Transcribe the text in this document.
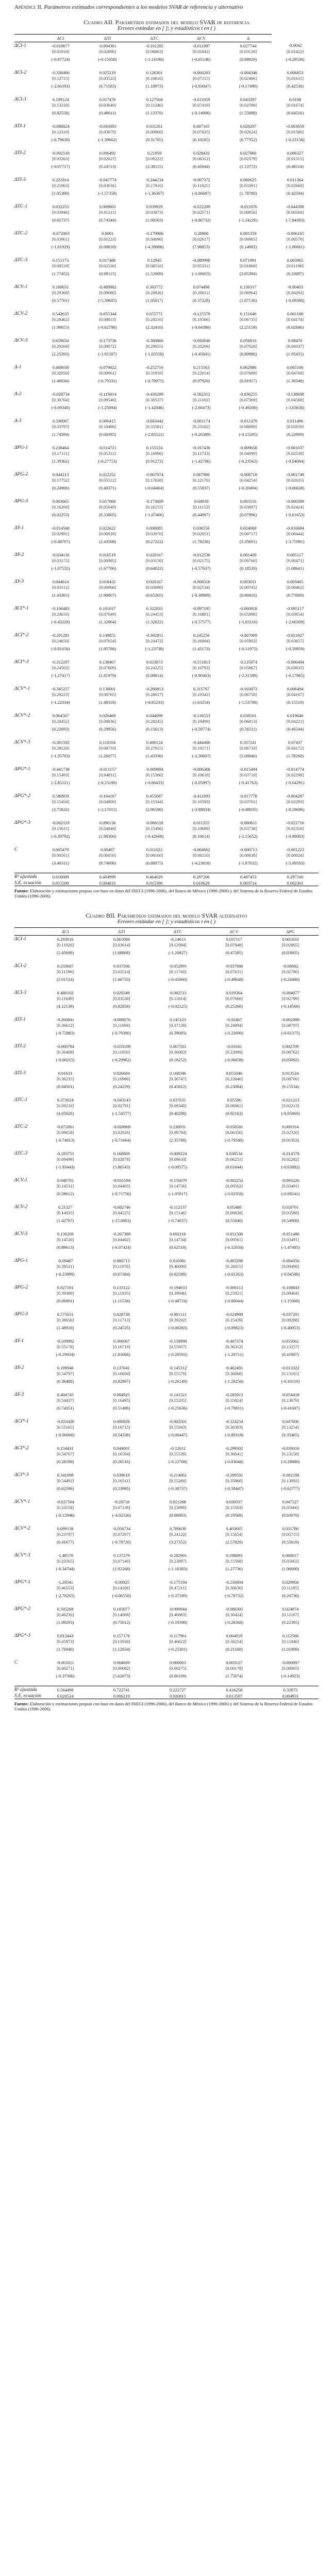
Apéndice II. Parámetros estimados correspondientes a los modelos SVAR de referencia y alternativo
Cuadro AII. Parámetros estimados del modelo SVAR de referencia
Errores estándar en [ ]; y estadísticos t en ( )
	ΔCI	ΔTI	ΔTC	ΔCV	Δ	
ΔCI-1	-0.018677	-0.004361	-0.101205	-0.011997	0.027744	-0.0042
	[0.01910]	[0.02896]	[0.08863]	[0.01842]	[0.03120]	[0.01422]
	(-0.97724)	(-0.15058)	(-1.14190)	(-0.65146)	(0.88929)	(-0.29530)

ΔCI-2	-0.338466	0.025219	0.126301	-0.066203	-0.004348	0.006853
	[0.12715]	[0.03523]	[0.10616]	[0.07115]	[0.02486]	[0.01611]
	(-2.66193)	(0.71583)	(1.18973)	(-0.93047)	(-0.17490)	(0.42538)

ΔCI-3	0.109124	0.017476	0.127504	-0.011059	0.043397	0.0108
	[0.13218]	[0.03640]	[0.11246]	[0.07419]	[0.02798]	[0.01674]
	(0.82558)	(0.48011)	(1.13376)	(-0.14906)	(1.55098)	(0.64516)

ΔTI-1	-0.098024	-0.043003	0.031261	0.007165	0.020297	-0.003659
	[0.12310]	[0.03079]	[0.09860]	[0.07035]	[0.02624]	[0.01580]
	(-0.79630)	(-1.39662)	(0.31705)	(0.10185)	(0.77352)	(-0.23158)

ΔTI-2	-0.002518	0.006492	0.21959	0.028432	0.027066	0.006327
	[0.03263]	[0.02627]	[0.09222]	[0.06312]	[0.02379]	[0.01315]
	(-0.07717)	(0.24713)	(2.38115)	(0.45044)	(1.13772)	(0.48114)

ΔTI-3	0.221814	-0.047774	-0.244234	-0.007372	0.060625	0.011364
	[0.21063]	[0.03036]	[0.17910]	[0.11025]	[0.03391]	[0.02668]
	(1.05309)	(-1.57358)	(-1.36367)	(-0.06687)	(1.78780)	(0.42594)

ΔTC-1	0.032253	0.009003	0.039929	-0.022299	-0.011876	-0.044398
	[0.03946]	[0.01211]	[0.03973]	[0.02571]	[0.00956]	[0.00566]
	(0.81737)	(0.74344)	(1.00503)	(-0.86732)	(-1.24226)	(-7.84393)

ΔTC-2	-0.072063	0.0001	-0.179906	0.20906	0.001359	-0.006165
	[0.03961]	[0.01223]	[0.04090]	[0.02617]	[0.00965]	[0.00578]
	(-1.81929)	(0.00818)	(-4.39868)	(7.98853)	(0.14083)	(-1.06661)

ΔTC-3	0.151173	0.017486	0.12945	-0.089998	0.071991	0.003965
	[0.08519]	[0.02530]	[0.08516]	[0.05311]	[0.01868]	[0.01198]
	(1.77452)	(0.69115)	(1.52009)	(-1.69455)	(3.85394)	(0.33097)

ΔCV-1	0.169631	-0.489962	0.303772	0.074498	0.130317	-0.00403
	[0.29368]	[0.09080]	[0.28926]	[0.20011]	[0.06964]	[0.04292]
	(0.57761)	(-5.39605)	(1.05017)	(0.37228)	(1.87130)	(-0.09390)

ΔCV-2	0.542635	-0.055344	0.655771	-0.125579	0.151646	0.001188
	[0.28462]	[0.08813]	[0.28216]	[0.19506]	[0.06735]	[0.04174]
	(1.90655)	(-0.62798)	(2.32410)	(-0.64380)	(2.25159)	(0.02846)

ΔCV-3	0.659634	-0.173736	-0.300866	-0.092640	0.056916	0.08476
	[0.29266]	[0.09072]	[0.29055]	[0.20209]	[0.07028]	[0.04337]
	(2.25393)	(-1.91507)	(-1.03550)	(-0.45841)	(0.80986)	(1.95435)

Δ-1	0.468038	-0.079022	-0.252716	0.215563	0.062986	0.065106
	[0.32050]	[0.09961]	[0.31959]	[0.22014]	[0.07689]	[0.04768]
	(1.46034)	(-0.79331)	(-0.79075)	(0.97920)	(0.81917)	(1.36548)

Δ-2	-0.028734	-0.119414	-0.436209	-0.562312	-0.036255	-0.138698
	[0.30764]	[0.09546]	[0.30537]	[0.21102]	[0.07369]	[0.04568]
	(-0.09340)	(-1.25094)	(-1.42846)	(-2.66473)	(-0.49200)	(-3.03630)

Δ-3	0.590067	0.000415	-0.683442	-0.061174	-0.012379	0.011496
	[0.33797]	[0.10496]	[0.33581]	[0.23182]	[0.08099]	[0.05018]
	(1.74594)	(0.00395)	(-2.03521)	(-0.26389)	(-0.15285)	(0.22909)

ΔPG-1	0.238464	-0.014721	0.155124	-0.167436	-0.009658	-0.001037
	[0.17111]	[0.05312]	[0.16996]	[0.11733]	[0.04099]	[0.02539]
	(1.39362)	(-0.27713)	(0.91272)	(-1.42706)	(-0.23562)	(-0.04084)

ΔPG-2	0.044213	0.022252	-0.007874	0.067986	-0.008718	-0.001749
	[0.17752]	[0.05512]	[0.17638]	[0.12176]	[0.04254]	[0.02635]
	(0.24906)	(0.40371)	(-0.04464)	(0.55837)	(-0.20494)	(-0.06638)

ΔPG-3	0.003665	0.017068	-0.173609	0.04918	0.003116	-0.000399
	[0.16266]	[0.05049]	[0.16155]	[0.11153]	[0.03897]	[0.02414]
	(0.02253)	(0.33805)	(-1.07466)	(0.44097)	(0.07996)	(-0.01653)

ΔY-1	-0.014568	0.022622	0.008085	0.036556	0.024069	-0.016694
	[0.02991]	[0.00929]	[0.02970]	[0.02051]	[0.00717]	[0.00444]
	(-0.48707)	(2.43508)	(0.27222)	(1.78236)	(3.35691)	(-3.75991)

ΔY-2	-0.034116	0.016519	0.020167	-0.012536	0.001409	0.005117
	[0.03172]	[0.00985]	[0.03150]	[0.02175]	[0.00760]	[0.00471]
	(-1.07555)	(1.67706)	(0.64022)	(-0.57637)	(0.18539)	(1.08641)

ΔY-3	0.044614	0.018432	0.020167	-0.008316	0.003011	0.003465
	[0.03112]	[0.00966]	[0.03090]	[0.02134]	[0.00745]	[0.00462]
	(1.43361)	(1.90807)	(0.65265)	(-0.38969)	(0.40416)	(0.75000)

ΔCI*-1	-0.106483	0.101017	0.322833	-0.097195	-0.060818	-0.095117
	[0.24633]	[0.07649]	[0.24453]	[0.16881]	[0.05898]	[0.03654]
	(-0.43228)	(1.32064)	(1.32022)	(-0.57577)	(-1.03116)	(-2.60309)

ΔCI*-2	-0.201281	0.149855	-0.302811	0.245256	-0.007069	-0.021927
	[0.24650]	[0.07654]	[0.24472]	[0.16894]	[0.05903]	[0.03657]
	(-0.81656)	(1.95786)	(-1.23738)	(1.45173)	(-0.11975)	(-0.59959)

ΔCI*-3	-0.312207	0.138467	0.023873	-0.151813	-0.135874	-0.006494
	[0.24503]	[0.07609]	[0.24325]	[0.16793]	[0.05867]	[0.03635]
	(-1.27417)	(1.81979)	(0.09814)	(-0.90403)	(-2.31589)	(-0.17865)

ΔCV*-1	-0.345257	0.130001	-0.266813	0.315767	-0.103873	0.006494
	[0.28223]	[0.08765]	[0.28017]	[0.19342]	[0.06758]	[0.04187]
	(-1.22334)	(1.48318)	(-0.95233)	(1.63254)	(-1.53708)	(0.15510)

ΔCV*-2	0.064567	0.026469	0.044099	-0.116553	0.038501	0.019646
	[0.28452]	[0.08836]	[0.28245]	[0.19499]	[0.06813]	[0.04221]
	(0.22693)	(0.29956)	(0.15613)	(-0.59774)	(0.56511)	(0.46544)

ΔCV*-3	-0.381592	0.110104	0.400124	-0.444406	0.337241	0.07437
	[0.28120]	[0.08733]	[0.27915]	[0.19271]	[0.06733]	[0.04172]
	(-1.35703)	(1.26077)	(1.43336)	(-2.30607)	(5.00846)	(1.78260)

ΔPG*-1	-0.441738	-0.011157	-0.009894	-0.006368	-0.015494	-0.014774
	[0.15493]	[0.04811]	[0.15380]	[0.10618]	[0.03710]	[0.02298]
	(-2.85121)	(-0.23190)	(-0.06433)	(-0.05997)	(-0.41763)	(-0.64291)

ΔPG*-2	0.580959	-0.104167	0.455087	-0.411893	-0.017778	-0.004287
	[0.15458]	[0.04800]	[0.15344]	[0.10593]	[0.03701]	[0.02293]
	(3.75832)	(-2.17015)	(2.96590)	(-3.88834)	(-0.48035)	(-0.18696)

ΔPG*-3	-0.062119	0.096136	-0.066118	0.011355	-0.080611	-0.022716
	[0.15611]	[0.04848]	[0.15496]	[0.10698]	[0.03738]	[0.02316]
	(-0.39792)	(1.98300)	(-0.42668)	(0.10614)	(-2.15652)	(-0.98083)

C	0.005479	0.00487	0.011022	-0.004662	-0.000713	-0.001223
	[0.00161]	[0.00050]	[0.00160]	[0.00110]	[0.00038]	[0.00024]
	(3.40311)	(9.74000)	(6.88875)	(-4.23818)	(-1.87632)	(-5.09583)

R² ajustada	0.616689	0.404999	0.464029	0.287206	0.487453	0.297166
S.E. ecuación	0.015509	0.004816	0.015396	0.010629	0.003714	0.002301
Fuente: Elaboración y estimaciones propias con base en datos del INEGI (1996-2006), del Banco de México (1996-2006) y del Sistema de la Reserva Federal de Estados Unidos (1996-2006).
Cuadro BII. Parámetros estimados del modelo SVAR alternativo
Errores estándar en [ ]; y estadísticos t en ( )
	ΔCI	ΔTI	ΔTC	ΔCV	ΔPG
ΔCI-1	0.293016	0.061008	-0.14613	0.037117	0.001033
	[0.11926]	[0.03614]	[0.12094]	[0.07848]	[0.02865]
	(2.45698)	(1.68808)	(-1.20827)	(0.47295)	(0.03605)

ΔCI-2	0.233687	0.037506	-0.052991	-0.037886	-0.00682
	[0.11596]	[0.03514]	[0.11760]	[0.07631]	[0.02786]
	(2.01524)	(1.06733)	(-0.45060)	(-0.49648)	(-0.24480)

ΔCI-3	0.480102	0.029249	-0.002511	0.019364	-0.004077
	[0.11649]	[0.03530]	[0.11814]	[0.07666]	[0.02799]
	(4.12139)	(0.82858)	(-0.02125)	(0.25260)	(-0.14566)

ΔTI-1	-0.266841	-0.088076	0.145123	-0.05467	-0.002089
	[0.36612]	[0.11094]	[0.37130]	[0.24094]	[0.08797]
	(-0.72883)	(-0.79390)	(0.39085)	(-0.22690)	(-0.02375)

ΔTI-2	-0.000784	-0.033108	0.067503	-0.01641	0.002709
	[0.36468]	[0.11050]	[0.36983]	[0.23999]	[0.08762]
	(-0.00215)	(-0.29962)	(0.18252)	(-0.06838)	(0.03092)

ΔTI-3	0.01631	0.026604	0.168346	0.055046	0.013524
	[0.36235]	[0.10980]	[0.36747]	[0.23846]	[0.08706]
	(0.04501)	(0.24229)	(0.45812)	(0.23084)	(0.15534)

ΔTC-1	0.373024	-0.043143	0.037631	0.05586	-0.021213
	[0.09210]	[0.02791]	[0.09340]	[0.06061]	[0.02213]
	(4.05026)	(-1.54577)	(0.40290)	(0.92163)	(-0.95860)

ΔTC-2	-0.072061	-0.020969	0.230931	-0.050581	0.000314
	[0.09658]	[0.02926]	[0.09794]	[0.06356]	[0.02320]
	(-0.74613)	(-0.71664)	(2.35788)	(-0.79580)	(0.01353)

ΔTC-3	-0.183751	0.168809	-0.009224	0.038534	-0.014578
	[0.09499]	[0.02878]	[0.09633]	[0.06251]	[0.02282]
	(-1.93443)	(5.86543)	(-0.09575)	(0.61644)	(-0.63882)

ΔCV-1	0.040705	-0.031594	-0.156079	-0.002253	-0.003226
	[0.14531]	[0.04403]	[0.14736]	[0.09562]	[0.03491]
	(0.28012)	(-0.71756)	(-1.05917)	(-0.02356)	(-0.09241)

ΔCV-2	0.21327	-0.682746	-0.112137	0.05488	0.019701
	[0.14935]	[0.04525]	[0.15146]	[0.09828]	[0.03588]
	(1.42797)	(-15.0883)	(-0.74037)	(0.55840)	(0.54908)

ΔCV-3	0.130208	-0.267388	0.092116	-0.011506	-0.051486
	[0.14530]	[0.04402]	[0.14734]	[0.09561]	[0.03491]
	(0.89613)	(-6.07424)	(0.62519)	(-0.12034)	(-1.47485)

ΔPG-1	-0.09487	0.080713	0.010381	-0.003286	-0.004356
	[0.39531]	[0.11978]	[0.40090]	[0.26015]	[0.09498]
	(-0.23999)	(0.67384)	(0.02589)	(-0.01263)	(-0.04586)

ΔPG-2	0.027181	0.133122	-0.194633	-0.000113	-0.108843
	[0.39389]	[0.11935]	[0.39946]	[0.25921]	[0.09464]
	(0.06901)	(1.11538)	(-0.48724)	(-0.00044)	(-1.15008)

ΔPG-3	0.575631	0.028738	-0.001111	-0.024989	-0.037201
	[0.38656]	[0.11713]	[0.39202]	[0.25439]	[0.09288]
	(1.48910)	(0.24535)	(-0.00283)	(-0.09823)	(-0.40053)

ΔY-1	-0.109992	0.306067	-0.159998	-0.467374	0.055662
	[0.55178]	[0.16719]	[0.55957]	[0.36312]	[0.13257]
	(-0.19934)	(1.83066)	(-0.28593)	(-1.28711)	(0.41987)

ΔY-2	0.199946	0.137641	-0.145312	-0.462491	-0.013322
	[0.54797]	[0.16604]	[0.55570]	[0.36060]	[0.13165]
	(0.36488)	(0.82897)	(-0.26149)	(-1.28256)	(-0.10119)

ΔY-3	0.404745	0.084925	-0.141521	-0.285913	-0.054418
	[0.54437]	[0.16495]	[0.55205]	[0.35824]	[0.13079]
	(0.74351)	(0.51486)	(-0.25636)	(-0.79811)	(-0.41607)

ΔCI*-1	-0.033428	0.090826	-0.002501	-0.324254	0.047006
	[0.55165]	[0.16715]	[0.55943]	[0.36303]	[0.13254]
	(-0.06060)	(0.54338)	(-0.00447)	(-0.89319)	(0.35465)

ΔCI*-2	0.154431	0.044001	-0.12612	-0.299302	-0.039316
	[0.54767]	[0.16594]	[0.55539]	[0.36041]	[0.13158]
	(0.28198)	(0.26516)	(-0.22708)	(-0.83046)	(-0.29880)

ΔCI*-3	0.341098	0.039618	-0.214061	-0.209591	-0.082188
	[0.54492]	[0.16511]	[0.55260]	[0.35860]	[0.13092]
	(0.62596)	(0.23995)	(-0.38737)	(-0.58447)	(-0.62777)

ΔCV*-1	-0.037564	-0.28718	0.021268	0.030337	0.047527
	[0.23558]	[0.07138]	[0.23890]	[0.15503]	[0.05660]
	(-0.15946)	(-4.02326)	(0.08903)	(0.19569)	(0.83970)

ΔCV*-2	0.099138	-0.056734	0.789639	0.403605	0.031786
	[0.23787]	[0.07207]	[0.24122]	[0.15654]	[0.05715]
	(0.41677)	(-0.78720)	(3.27352)	(2.57829)	(0.55619)

ΔCV*-3	-1.49578	0.137279	-0.282901	0.198093	0.060017
	[0.23565]	[0.07140]	[0.23897]	[0.15508]	[0.05662]
	(-6.34744)	(1.92268)	(-1.18383)	(1.27736)	(1.06000)

ΔPG*-1	-1.29541	-0.00925	-0.175194	-0.216694	0.029904
	[0.46553]	[0.14106]	[0.47211]	[0.30636]	[0.11185]
	(-2.78265)	(-0.06558)	(-0.37109)	(-0.70732)	(0.26736)

ΔPG*-2	0.505269	0.105077	-0.090944	-0.086305	0.024874
	[0.46230]	[0.14008]	[0.46883]	[0.30424]	[0.11107]
	(1.09293)	(0.75012)	(-0.19398)	(-0.28368)	(0.22395)

ΔPG*-3	0.813443	0.157178	-0.117961	0.064019	0.112568
	[0.45973]	[0.13930]	[0.46622]	[0.30254]	[0.11046]
	(1.76940)	(1.12834)	(-0.25301)	(0.21160)	(1.01909)

C	-0.001011	0.004609	0.000003	0.003127	-0.000097
	[0.00271]	[0.00082]	[0.00275]	[0.00178]	[0.00065]
	(-0.37306)	(5.62073)	(0.00109)	(1.75674)	(-0.14923)

R² ajustada	0.564498	0.722741	0.222727	0.416258	0.32973
S.E. ecuación	0.020524	0.006219	0.020815	0.013507	0.004931
Fuente: Elaboración y estimaciones propias con base en datos del INEGI (1996-2006), del Banco de México (1996-2006) y del Sistema de la Reserva Federal de Estados Unidos (1996-2006).
